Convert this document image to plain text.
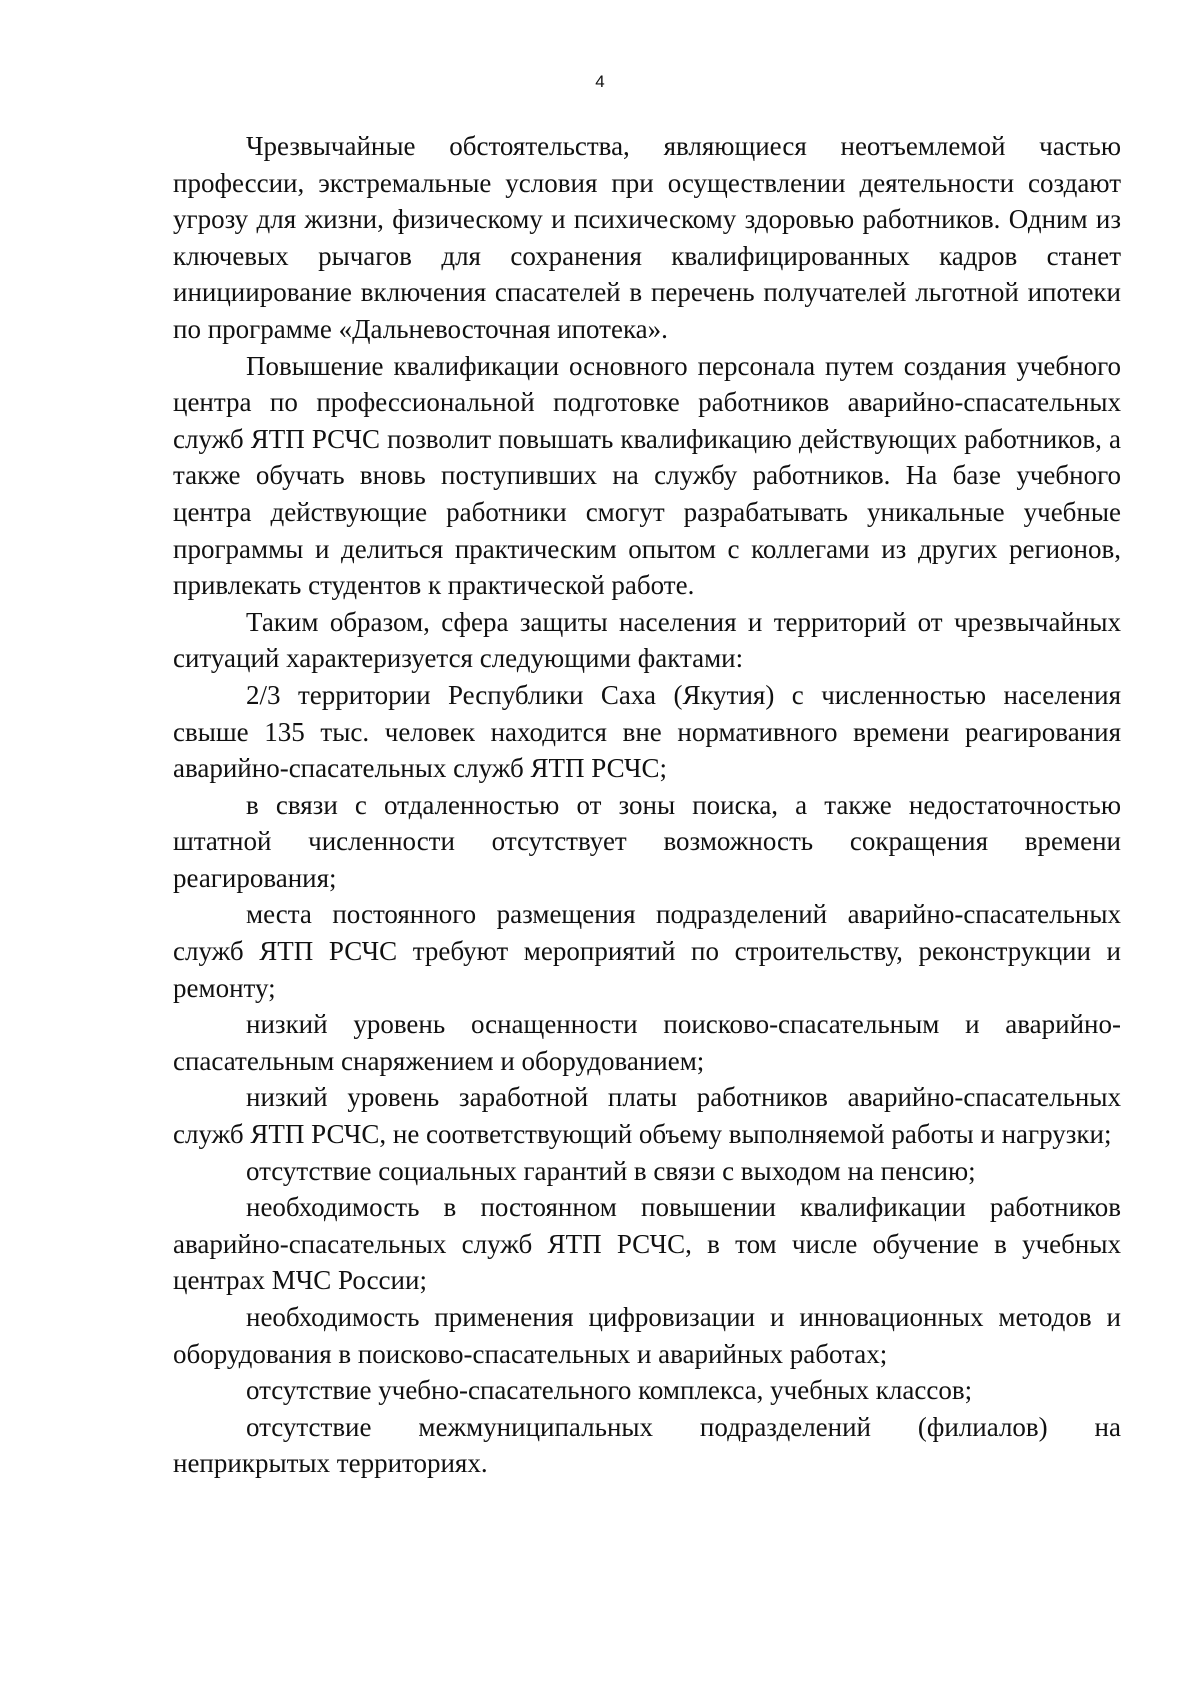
4

Чрезвычайные обстоятельства, являющиеся неотъемлемой частью профессии, экстремальные условия при осуществлении деятельности создают угрозу для жизни, физическому и психическому здоровью работников. Одним из ключевых рычагов для сохранения квалифицированных кадров станет инициирование включения спасателей в перечень получателей льготной ипотеки по программе «Дальневосточная ипотека».

Повышение квалификации основного персонала путем создания учебного центра по профессиональной подготовке работников аварийно-спасательных служб ЯТП РСЧС позволит повышать квалификацию действующих работников, а также обучать вновь поступивших на службу работников. На базе учебного центра действующие работники смогут разрабатывать уникальные учебные программы и делиться практическим опытом с коллегами из других регионов, привлекать студентов к практической работе.

Таким образом, сфера защиты населения и территорий от чрезвычайных ситуаций характеризуется следующими фактами:

2/3 территории Республики Саха (Якутия) с численностью населения свыше 135 тыс. человек находится вне нормативного времени реагирования аварийно-спасательных служб ЯТП РСЧС;

в связи с отдаленностью от зоны поиска, а также недостаточностью штатной численности отсутствует возможность сокращения времени реагирования;

места постоянного размещения подразделений аварийно-спасательных служб ЯТП РСЧС требуют мероприятий по строительству, реконструкции и ремонту;

низкий уровень оснащенности поисково-спасательным и аварийно-спасательным снаряжением и оборудованием;

низкий уровень заработной платы работников аварийно-спасательных служб ЯТП РСЧС, не соответствующий объему выполняемой работы и нагрузки;

отсутствие социальных гарантий в связи с выходом на пенсию;

необходимость в постоянном повышении квалификации работников аварийно-спасательных служб ЯТП РСЧС, в том числе обучение в учебных центрах МЧС России;

необходимость применения цифровизации и инновационных методов и оборудования в поисково-спасательных и аварийных работах;

отсутствие учебно-спасательного комплекса, учебных классов;

отсутствие межмуниципальных подразделений (филиалов) на неприкрытых территориях.
